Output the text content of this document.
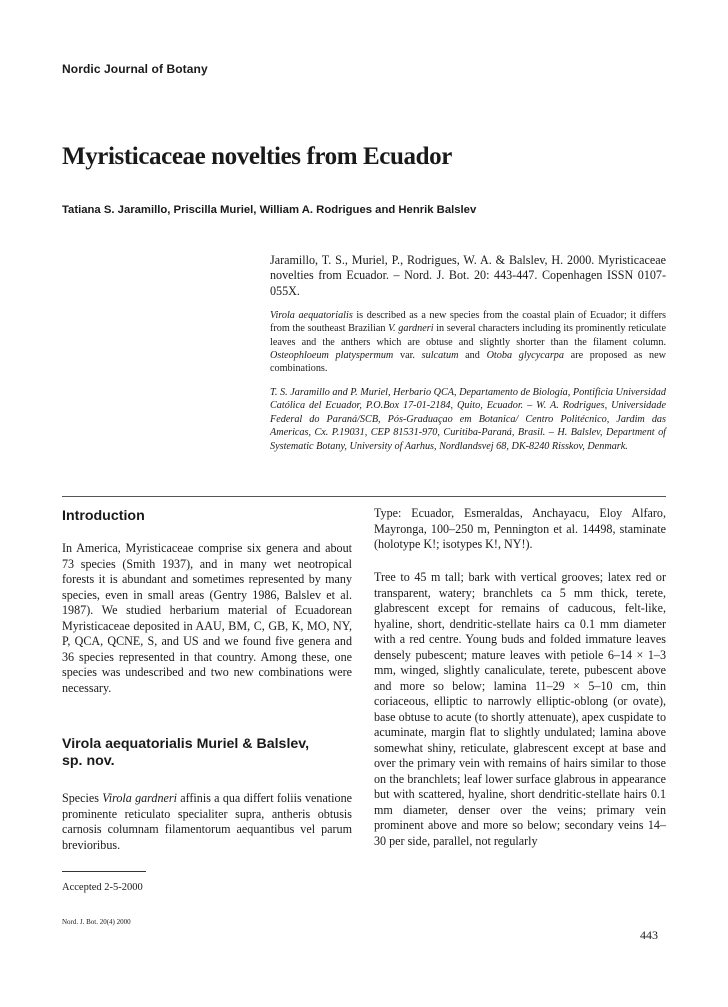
Nordic Journal of Botany
Myristicaceae novelties from Ecuador
Tatiana S. Jaramillo, Priscilla Muriel, William A. Rodrigues and Henrik Balslev
Jaramillo, T. S., Muriel, P., Rodrigues, W. A. & Balslev, H. 2000. Myristicaceae novelties from Ecuador. – Nord. J. Bot. 20: 443-447. Copenhagen ISSN 0107-055X.
Virola aequatorialis is described as a new species from the coastal plain of Ecuador; it differs from the southeast Brazilian V. gardneri in several characters including its prominently reticulate leaves and the anthers which are obtuse and slightly shorter than the filament column. Osteophloeum platyspermum var. sulcatum and Otoba glycycarpa are proposed as new combinations.
T. S. Jaramillo and P. Muriel, Herbario QCA, Departamento de Biología, Pontificia Universidad Católica del Ecuador, P.O.Box 17-01-2184, Quito, Ecuador. – W. A. Rodrigues, Universidade Federal do Paraná/SCB, Pós-Graduaçao em Botanica/ Centro Politécnico, Jardim das Americas, Cx. P.19031, CEP 81531-970, Curitiba-Paraná, Brasil. – H. Balslev, Department of Systematic Botany, University of Aarhus, Nordlandsvej 68, DK-8240 Risskov, Denmark.
Introduction
In America, Myristicaceae comprise six genera and about 73 species (Smith 1937), and in many wet neotropical forests it is abundant and sometimes represented by many species, even in small areas (Gentry 1986, Balslev et al. 1987). We studied herbarium material of Ecuadorean Myristicaceae deposited in AAU, BM, C, GB, K, MO, NY, P, QCA, QCNE, S, and US and we found five genera and 36 species represented in that country. Among these, one species was undescribed and two new combinations were necessary.
Virola aequatorialis Muriel & Balslev, sp. nov.
Species Virola gardneri affinis a qua differt foliis venatione prominente reticulato specialiter supra, antheris obtusis carnosis columnam filamentorum aequantibus vel parum brevioribus.
Type: Ecuador, Esmeraldas, Anchayacu, Eloy Alfaro, Mayronga, 100–250 m, Pennington et al. 14498, staminate (holotype K!; isotypes K!, NY!).
Tree to 45 m tall; bark with vertical grooves; latex red or transparent, watery; branchlets ca 5 mm thick, terete, glabrescent except for remains of caducous, felt-like, hyaline, short, dendritic-stellate hairs ca 0.1 mm diameter with a red centre. Young buds and folded immature leaves densely pubescent; mature leaves with petiole 6–14 × 1–3 mm, winged, slightly canaliculate, terete, pubescent above and more so below; lamina 11–29 × 5–10 cm, thin coriaceous, elliptic to narrowly elliptic-oblong (or ovate), base obtuse to acute (to shortly attenuate), apex cuspidate to acuminate, margin flat to slightly undulated; lamina above somewhat shiny, reticulate, glabrescent except at base and over the primary vein with remains of hairs similar to those on the branchlets; leaf lower surface glabrous in appearance but with scattered, hyaline, short dendritic-stellate hairs 0.1 mm diameter, denser over the veins; primary vein prominent above and more so below; secondary veins 14–30 per side, parallel, not regularly
Accepted 2-5-2000
Nord. J. Bot. 20(4) 2000
443
